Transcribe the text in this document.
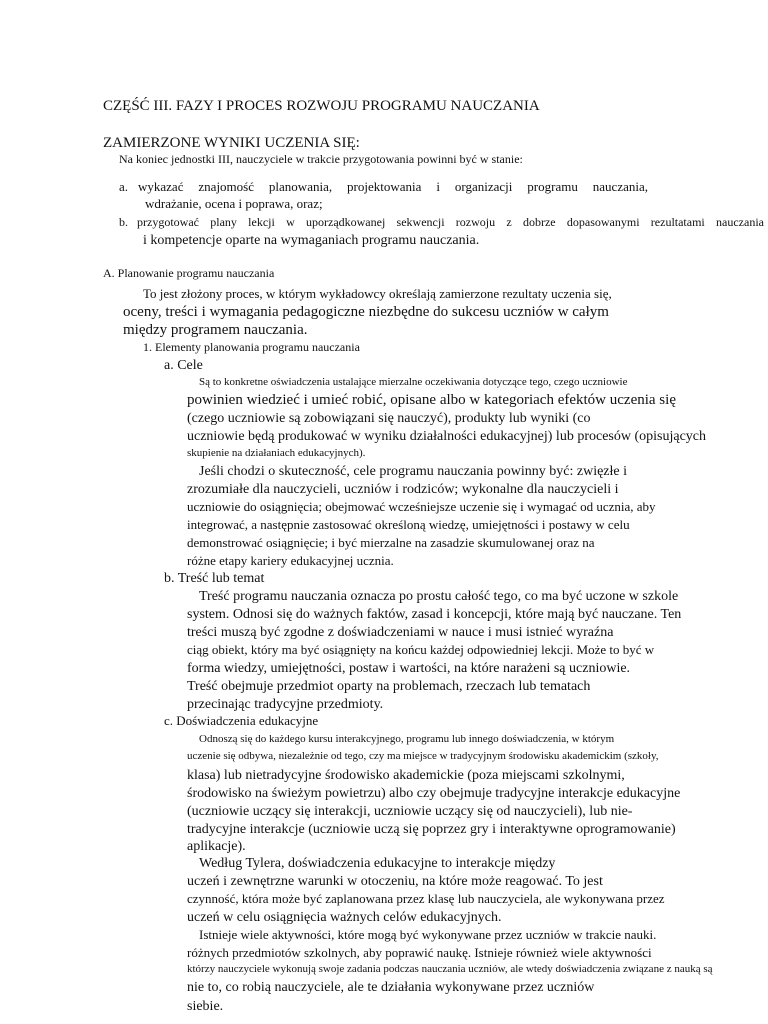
CZĘŚĆ III. FAZY I PROCES ROZWOJU PROGRAMU NAUCZANIA
ZAMIERZONE WYNIKI UCZENIA SIĘ:
Na koniec jednostki III, nauczyciele w trakcie przygotowania powinni być w stanie:
a. wykazać znajomość planowania, projektowania i organizacji programu nauczania,
wdrażanie, ocena i poprawa, oraz;
b. przygotować plany lekcji w uporządkowanej sekwencji rozwoju z dobrze dopasowanymi rezultatami nauczania
i kompetencje oparte na wymaganiach programu nauczania.
A. Planowanie programu nauczania
To jest złożony proces, w którym wykładowcy określają zamierzone rezultaty uczenia się,
oceny, treści i wymagania pedagogiczne niezbędne do sukcesu uczniów w całym
między programem nauczania.
1. Elementy planowania programu nauczania
a. Cele
Są to konkretne oświadczenia ustalające mierzalne oczekiwania dotyczące tego, czego uczniowie
powinien wiedzieć i umieć robić, opisane albo w kategoriach efektów uczenia się
(czego uczniowie są zobowiązani się nauczyć), produkty lub wyniki (co
uczniowie będą produkować w wyniku działalności edukacyjnej) lub procesów (opisujących
skupienie na działaniach edukacyjnych).
Jeśli chodzi o skuteczność, cele programu nauczania powinny być: zwięzłe i
zrozumiałe dla nauczycieli, uczniów i rodziców; wykonalne dla nauczycieli i
uczniowie do osiągnięcia; obejmować wcześniejsze uczenie się i wymagać od ucznia, aby
integrować, a następnie zastosować określoną wiedzę, umiejętności i postawy w celu
demonstrować osiągnięcie; i być mierzalne na zasadzie skumulowanej oraz na
różne etapy kariery edukacyjnej ucznia.
b. Treść lub temat
Treść programu nauczania oznacza po prostu całość tego, co ma być uczone w szkole
system. Odnosi się do ważnych faktów, zasad i koncepcji, które mają być nauczane. Ten
treści muszą być zgodne z doświadczeniami w nauce i musi istnieć wyraźna
ciąg obiekt, który ma być osiągnięty na końcu każdej odpowiedniej lekcji. Może to być w
forma wiedzy, umiejętności, postaw i wartości, na które narażeni są uczniowie.
Treść obejmuje przedmiot oparty na problemach, rzeczach lub tematach
przecinając tradycyjne przedmioty.
c. Doświadczenia edukacyjne
Odnoszą się do każdego kursu interakcyjnego, programu lub innego doświadczenia, w którym
uczenie się odbywa, niezależnie od tego, czy ma miejsce w tradycyjnym środowisku akademickim (szkoły,
klasa) lub nietradycyjne środowisko akademickie (poza miejscami szkolnymi,
środowisko na świeżym powietrzu) albo czy obejmuje tradycyjne interakcje edukacyjne
(uczniowie uczący się interakcji, uczniowie uczący się od nauczycieli), lub nie-
tradycyjne interakcje (uczniowie uczą się poprzez gry i interaktywne oprogramowanie)
aplikacje).
Według Tylera, doświadczenia edukacyjne to interakcje między
uczeń i zewnętrzne warunki w otoczeniu, na które może reagować. To jest
czynność, która może być zaplanowana przez klasę lub nauczyciela, ale wykonywana przez
uczeń w celu osiągnięcia ważnych celów edukacyjnych.
Istnieje wiele aktywności, które mogą być wykonywane przez uczniów w trakcie nauki.
różnych przedmiotów szkolnych, aby poprawić naukę. Istnieje również wiele aktywności
którzy nauczyciele wykonują swoje zadania podczas nauczania uczniów, ale wtedy doświadczenia związane z nauką są
nie to, co robią nauczyciele, ale te działania wykonywane przez uczniów
siebie.
